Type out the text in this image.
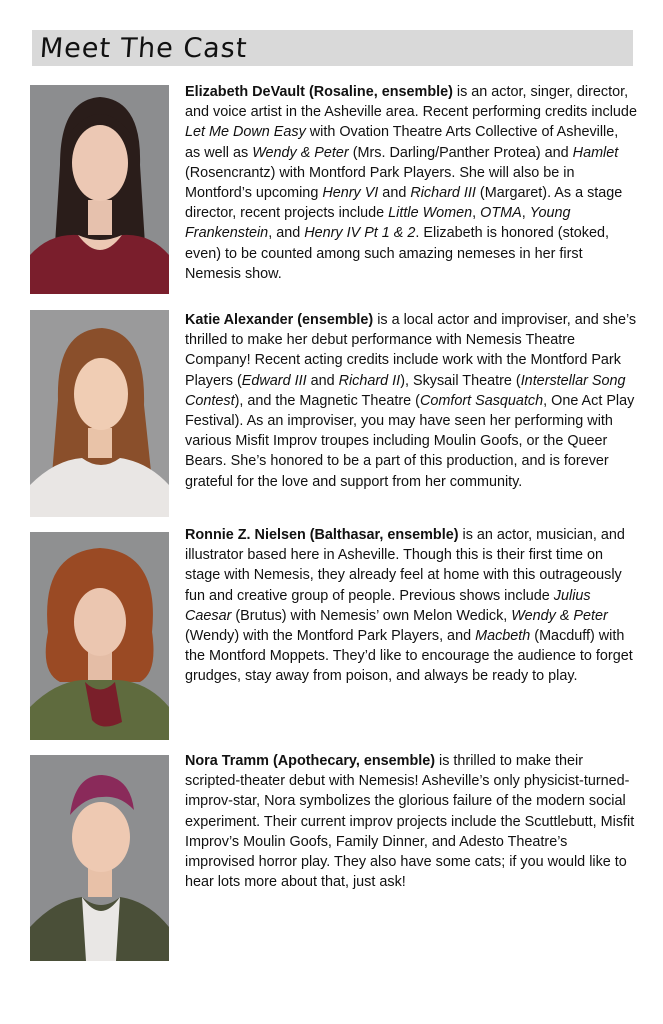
Meet The Cast
Elizabeth DeVault (Rosaline, ensemble) is an actor, singer, director, and voice artist in the Asheville area. Recent performing credits include Let Me Down Easy with Ovation Theatre Arts Collective of Asheville, as well as Wendy & Peter (Mrs. Darling/Panther Protea) and Hamlet (Rosencrantz) with Montford Park Players. She will also be in Montford’s upcoming Henry VI and Richard III (Margaret). As a stage director, recent projects include Little Women, OTMA, Young Frankenstein, and Henry IV Pt 1 & 2. Elizabeth is honored (stoked, even) to be counted among such amazing nemeses in her first Nemesis show.
Katie Alexander (ensemble) is a local actor and improviser, and she’s thrilled to make her debut performance with Nemesis Theatre Company! Recent acting credits include work with the Montford Park Players (Edward III and Richard II), Skysail Theatre (Interstellar Song Contest), and the Magnetic Theatre (Comfort Sasquatch, One Act Play Festival). As an improviser, you may have seen her performing with various Misfit Improv troupes including Moulin Goofs, or the Queer Bears. She’s honored to be a part of this production, and is forever grateful for the love and support from her community.
Ronnie Z. Nielsen (Balthasar, ensemble) is an actor, musician, and illustrator based here in Asheville. Though this is their first time on stage with Nemesis, they already feel at home with this outrageously fun and creative group of people. Previous shows include Julius Caesar (Brutus) with Nemesis’ own Melon Wedick, Wendy & Peter (Wendy) with the Montford Park Players, and Macbeth (Macduff) with the Montford Moppets. They’d like to encourage the audience to forget grudges, stay away from poison, and always be ready to play.
Nora Tramm (Apothecary, ensemble) is thrilled to make their scripted-theater debut with Nemesis! Asheville’s only physicist-turned-improv-star, Nora symbolizes the glorious failure of the modern social experiment. Their current improv projects include the Scuttlebutt, Misfit Improv’s Moulin Goofs, Family Dinner, and Adesto Theatre’s improvised horror play. They also have some cats; if you would like to hear lots more about that, just ask!
